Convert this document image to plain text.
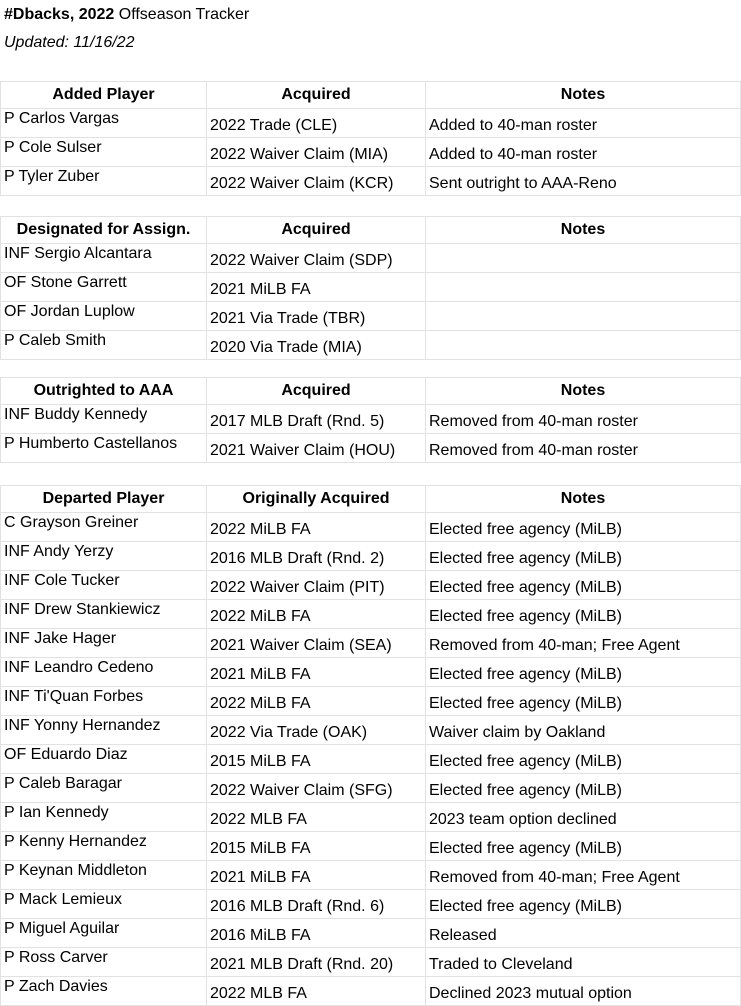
#Dbacks, 2022 Offseason Tracker
Updated: 11/16/22
Added Player	Acquired	Notes
P Carlos Vargas	2022 Trade (CLE)	Added to 40-man roster
P Cole Sulser	2022 Waiver Claim (MIA)	Added to 40-man roster
P Tyler Zuber	2022 Waiver Claim (KCR)	Sent outright to AAA-Reno
Designated for Assign.	Acquired	Notes
INF Sergio Alcantara	2022 Waiver Claim (SDP)	
OF Stone Garrett	2021 MiLB FA	
OF Jordan Luplow	2021 Via Trade (TBR)	
P Caleb Smith	2020 Via Trade (MIA)	
Outrighted to AAA	Acquired	Notes
INF Buddy Kennedy	2017 MLB Draft (Rnd. 5)	Removed from 40-man roster
P Humberto Castellanos	2021 Waiver Claim (HOU)	Removed from 40-man roster
Departed Player	Originally Acquired	Notes
C Grayson Greiner	2022 MiLB FA	Elected free agency (MiLB)
INF Andy Yerzy	2016 MLB Draft (Rnd. 2)	Elected free agency (MiLB)
INF Cole Tucker	2022 Waiver Claim (PIT)	Elected free agency (MiLB)
INF Drew Stankiewicz	2022 MiLB FA	Elected free agency (MiLB)
INF Jake Hager	2021 Waiver Claim (SEA)	Removed from 40-man; Free Agent
INF Leandro Cedeno	2021 MiLB FA	Elected free agency (MiLB)
INF Ti'Quan Forbes	2022 MiLB FA	Elected free agency (MiLB)
INF Yonny Hernandez	2022 Via Trade (OAK)	Waiver claim by Oakland
OF Eduardo Diaz	2015 MiLB FA	Elected free agency (MiLB)
P Caleb Baragar	2022 Waiver Claim (SFG)	Elected free agency (MiLB)
P Ian Kennedy	2022 MLB FA	2023 team option declined
P Kenny Hernandez	2015 MiLB FA	Elected free agency (MiLB)
P Keynan Middleton	2021 MiLB FA	Removed from 40-man; Free Agent
P Mack Lemieux	2016 MLB Draft (Rnd. 6)	Elected free agency (MiLB)
P Miguel Aguilar	2016 MiLB FA	Released
P Ross Carver	2021 MLB Draft (Rnd. 20)	Traded to Cleveland
P Zach Davies	2022 MLB FA	Declined 2023 mutual option
